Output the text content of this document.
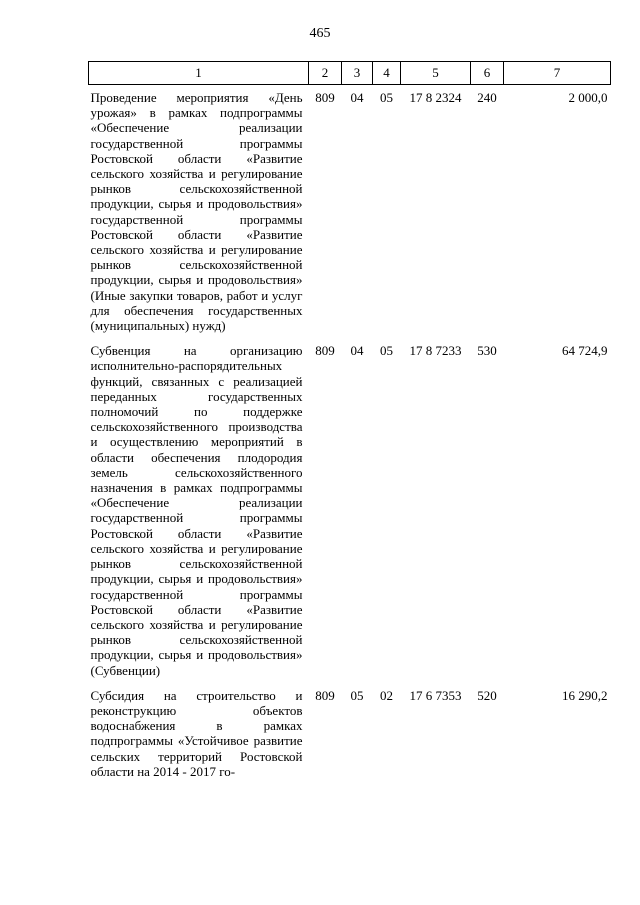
465
1	2	3	4	5	6	7
Проведение мероприятия «День урожая» в рамках подпрограммы «Обеспечение реализации государственной программы Ростовской области «Развитие сельского хозяйства и регулирование рынков сельскохозяйственной продукции, сырья и продовольствия» государственной программы Ростовской области «Развитие сельского хозяйства и регулирование рынков сельскохозяйственной продукции, сырья и продовольствия» (Иные закупки товаров, работ и услуг для обеспечения государственных (муниципальных) нужд)	809	04	05	17 8 2324	240	2 000,0
Субвенция на организацию исполнительно-распорядительных функций, связанных с реализацией переданных государственных полномочий по поддержке сельскохозяйственного производства и осуществлению мероприятий в области обеспечения плодородия земель сельскохозяйственного назначения в рамках подпрограммы «Обеспечение реализации государственной программы Ростовской области «Развитие сельского хозяйства и регулирование рынков сельскохозяйственной продукции, сырья и продовольствия» государственной программы Ростовской области «Развитие сельского хозяйства и регулирование рынков сельскохозяйственной продукции, сырья и продовольствия» (Субвенции)	809	04	05	17 8 7233	530	64 724,9
Субсидия на строительство и реконструкцию объектов водоснабжения в рамках подпрограммы «Устойчивое развитие сельских территорий Ростовской области на 2014 - 2017 го-	809	05	02	17 6 7353	520	16 290,2
